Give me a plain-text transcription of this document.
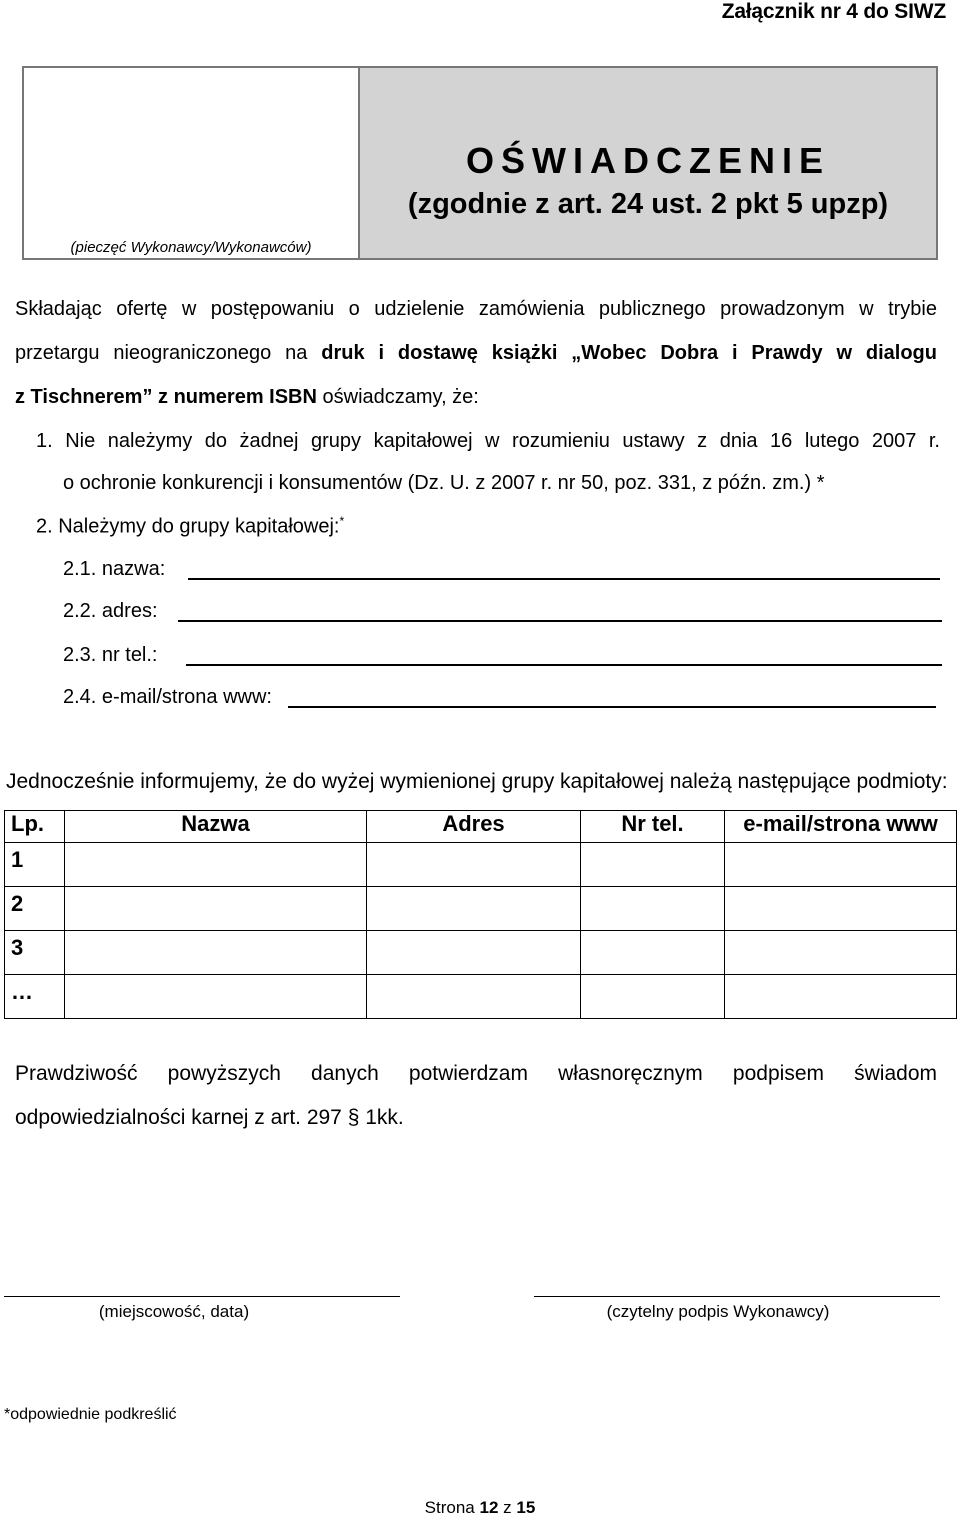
Załącznik nr 4 do SIWZ
(pieczęć Wykonawcy/Wykonawców)
OŚWIADCZENIE
(zgodnie z art. 24 ust. 2 pkt 5 upzp)
Składając ofertę w postępowaniu o udzielenie zamówienia publicznego prowadzonym w trybie
przetargu nieograniczonego na druk i dostawę książki „Wobec Dobra i Prawdy w dialogu
z Tischnerem” z numerem ISBN oświadczamy, że:
1. Nie należymy do żadnej grupy kapitałowej w rozumieniu ustawy z dnia 16 lutego 2007 r.
o ochronie konkurencji i konsumentów (Dz. U. z 2007 r. nr 50, poz. 331, z późn. zm.) *
2. Należymy do grupy kapitałowej:*
2.1. nazwa:
2.2. adres:
2.3. nr tel.:
2.4. e-mail/strona www:
Jednocześnie informujemy, że do wyżej wymienionej grupy kapitałowej należą następujące podmioty:
Lp.	Nazwa	Adres	Nr tel.	e-mail/strona www
1				
2				
3				
…				
Prawdziwość powyższych danych potwierdzam własnoręcznym podpisem świadom
odpowiedzialności karnej z art. 297 § 1kk.
(miejscowość, data)	(czytelny podpis Wykonawcy)
*odpowiednie podkreślić
Strona 12 z 15
